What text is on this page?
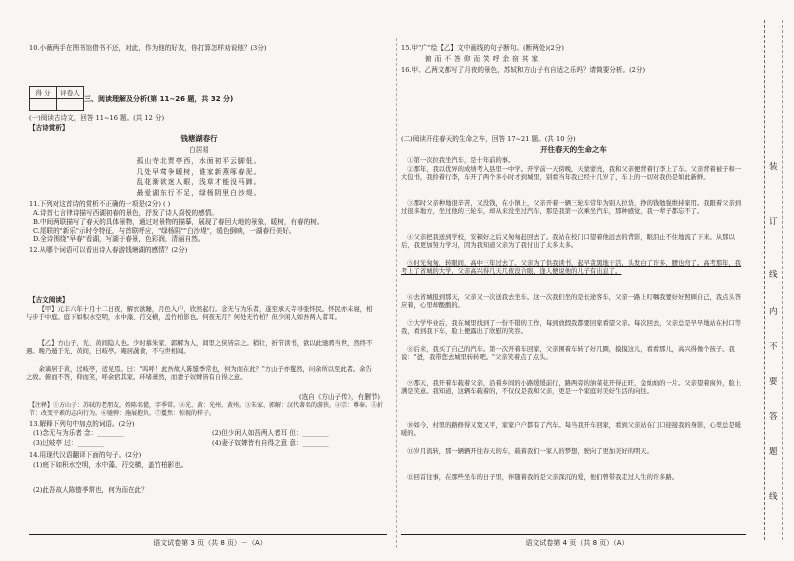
10.小薇两手在图书馆借书不还，对此，作为他的好友，你打算怎样劝说他？(3分)
得 分	评卷人

三、阅读理解及分析(第 11~26 题，共 32 分)
(一)阅读古诗文，回答 11~16 题。(共 12 分)
【古诗赏析】
钱塘湖春行
白居易
孤山寺北贾亭西，水面初平云脚低。
几处早莺争暖树，谁家新燕啄春泥。
乱花渐欲迷人眼，浅草才能没马蹄。
最爱湖东行不足，绿杨阴里白沙堤。
11.下列对这首诗的赏析不正确的一项是(2分) ( )
A.诗首七言律诗描写西湖初春的景色，抒发了诗人喜悦的感情。
B.中间两联描写了春天的具体景物，通过对景物的描摹，展现了春回大地的景象，暖树，有春的树。
C.尾联的"新乐"示时令特征，与首联呼应，"绿杨阴""白沙堤"，缓色倒映，一湖春行美好。
D.全诗围绕"早春"看湖，写湖于春景，色彩润，清丽自然。
12.从哪个词语可以看出诗人春游钱塘湖的感情？(2分)
【古文阅读】
【甲】元丰六年十月十二日夜，解衣欲睡，月色入户，欣然起行。念无与为乐者，遂至承天寺寻张怀民。怀民亦未寝，相与步于中庭。庭下如积水空明，水中藻、荇交横，盖竹柏影也。何夜无月？何处无竹柏？但少闲人如吾两人者耳。
【乙】方山子，光、黄间隐人也。少时慕朱家、郭解为人，闾里之侠皆宗之。稍壮，折节读书，欲以此驰骋当世，然终不遇。晚乃遁于光、黄间，曰岐亭。庵居蔬食，不与世相闻。
余谪居于黄，过岐亭，适见焉。曰："呜呼！此吾故人陈慥季常也，何为而在此？"方山子亦矍然，问余所以至此者。余告之故。俯而不答，仰而笑，呼余宿其家。环堵萧然，而妻子奴婢皆有自得之意。
(选自《方山子传》，有删节)
【注释】①方山子：苏轼的老朋友，姓陈名慥，字季常。②光、黄：光州、黄州。③朱家、郭解：汉代著名的游侠。④宗：尊奉。⑤折节：改变平素的志向行为。⑥驰骋：施展抱负。⑦矍然：惊视的样子。
13.解释下列句中加点的词语。(2分)
(1)念无与为乐者 念：________	(2)但少闲人如吾两人者耳 但：________
(3)过岐亭 过：________	(4)妻子奴婢皆有自得之意 意：________
14.用现代汉语翻译下面的句子。(2分)
(1)庭下如积水空明，水中藻、荇交横，盖竹柏影也。
(2)此吾故人陈慥季常也，何为而在此？
语文试卷第 3 页（共 8 页）－（A）
15.甲"广"绘【乙】文中画线的句子断句。(断两处)(2分)
俯 而 不 答 仰 而 笑 呼 余 宿 其 家
16.甲、乙两文都写了月夜的景色，苏轼和方山子有自适之乐吗？请简要分析。(2分)
(二)阅读开往春天的生命之车，回答 17~21 题。(共 10 分)
开往春天的生命之车
①第一次拉我坐汽车，是十年前的事。
②那年，我以优异的成绩考入县里一中学。开学前一天傍晚，天蒙蒙亮，我和父亲便背着行李上了车。父亲背着被子和一大包书，我拎着行李，车开了两个多小时才到城里，别看当年我已经十几岁了，车上的一切对我仍是如此新鲜。
③那时父亲种地很辛苦，又没钱，在小镇上，父亲开着一辆三轮车常年为别人拉货，挣的钱勉强维持家用。我跟着父亲到过很多地方，坐过他的三轮车，却从来没坐过汽车，那是我第一次乘坐汽车，那种感觉，我一辈子都忘不了。
④父亲把我送到学校，安顿好之后又匆匆赶回去了。我站在校门口望着他远去的背影，眼泪止不住地流了下来。从那以后，我更加努力学习，因为我知道父亲为了我付出了太多太多。
⑤时光匆匆，转眼间，高中三年过去了。父亲为了供我读书，起早贪黑地干活，头发白了许多，腰也弯了。高考那年，我考上了省城的大学，父亲高兴得几天几夜没合眼，逢人便说他的儿子有出息了。
⑥去省城报到那天，父亲又一次送我去坐车。这一次我们坐的是长途客车，父亲一路上叮嘱我要好好照顾自己，我点头答应着，心里却酸酸的。
⑦大学毕业后，我在城里找到了一份不错的工作，每到放假我都要回家看望父亲。每次回去，父亲总是早早地站在村口等我，看到我下车，脸上便露出了欣慰的笑容。
⑧后来，我买了自己的汽车。第一次开着车回家，父亲围着车转了好几圈，摸摸这儿，看看那儿，高兴得像个孩子。我说："爸，我带您去城里转转吧。"父亲笑着点了点头。
⑨那天，我开着车载着父亲，沿着乡间的小路缓缓前行，路两旁的油菜花开得正旺，金灿灿的一片。父亲望着窗外，脸上满是笑意。我知道，这辆车载着的，不仅仅是我和父亲，更是一个家庭对美好生活的向往。
⑩如今，村里的路修得又宽又平，家家户户都有了汽车。每当我开车回家，看到父亲站在门口迎接我的身影，心里总是暖暖的。
⑪岁月流转，那一辆辆开往春天的车，载着我们一家人的梦想，驶向了更加美好的明天。
⑫回首往事，在那些坐车的日子里，伴随着我的是父亲深沉的爱，他们曾带我走过人生的许多路。
语文试卷第 4 页（共 8 页）（A）
装
订
线
内
不
要
答
题
线
